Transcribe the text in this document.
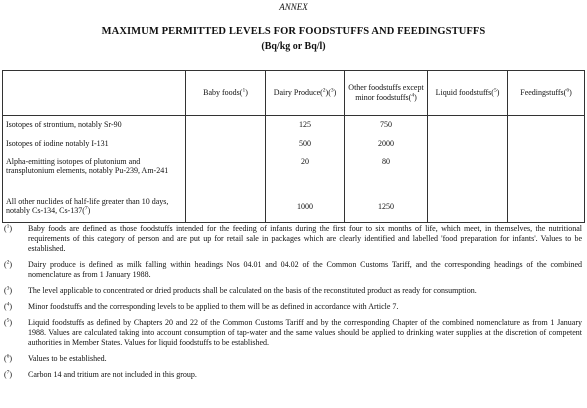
ANNEX
MAXIMUM PERMITTED LEVELS FOR FOODSTUFFS AND FEEDINGSTUFFS
(Bq/kg or Bq/l)
	Baby foods($^1$)	Dairy Produce($^2$)($^3$)	Other foodstuffs except minor foodstuffs($^4$)	Liquid foodstuffs($^5$)	Feedingstuffs($^6$)
Isotopes of strontium, notably Sr-90		125	750		
Isotopes of iodine notably I-131		500	2000		
Alpha-emitting isotopes of plutonium and transplutonium elements, notably Pu-239, Am-241		20	80		
All other nuclides of half-life greater than 10 days, notably Cs-134, Cs-137($^7$)		1000	1250		
($^1$)	Baby foods are defined as those foodstuffs intended for the feeding of infants during the first four to six months of life, which meet, in themselves, the nutritional requirements of this category of person and are put up for retail sale in packages which are clearly identified and labelled 'food preparation for infants'. Values to be established.
($^2$)	Dairy produce is defined as milk falling within headings Nos 04.01 and 04.02 of the Common Customs Tariff, and the corresponding headings of the combined nomenclature as from 1 January 1988.
($^3$)	The level applicable to concentrated or dried products shall be calculated on the basis of the reconstituted product as ready for consumption.
($^4$)	Minor foodstuffs and the corresponding levels to be applied to them will be as defined in accordance with Article 7.
($^5$)	Liquid foodstuffs as defined by Chapters 20 and 22 of the Common Customs Tariff and by the corresponding Chapter of the combined nomenclature as from 1 January 1988. Values are calculated taking into account consumption of tap-water and the same values should be applied to drinking water supplies at the discretion of competent authorities in Member States. Values for liquid foodstuffs to be established.
($^6$)	Values to be established.
($^7$)	Carbon 14 and tritium are not included in this group.
